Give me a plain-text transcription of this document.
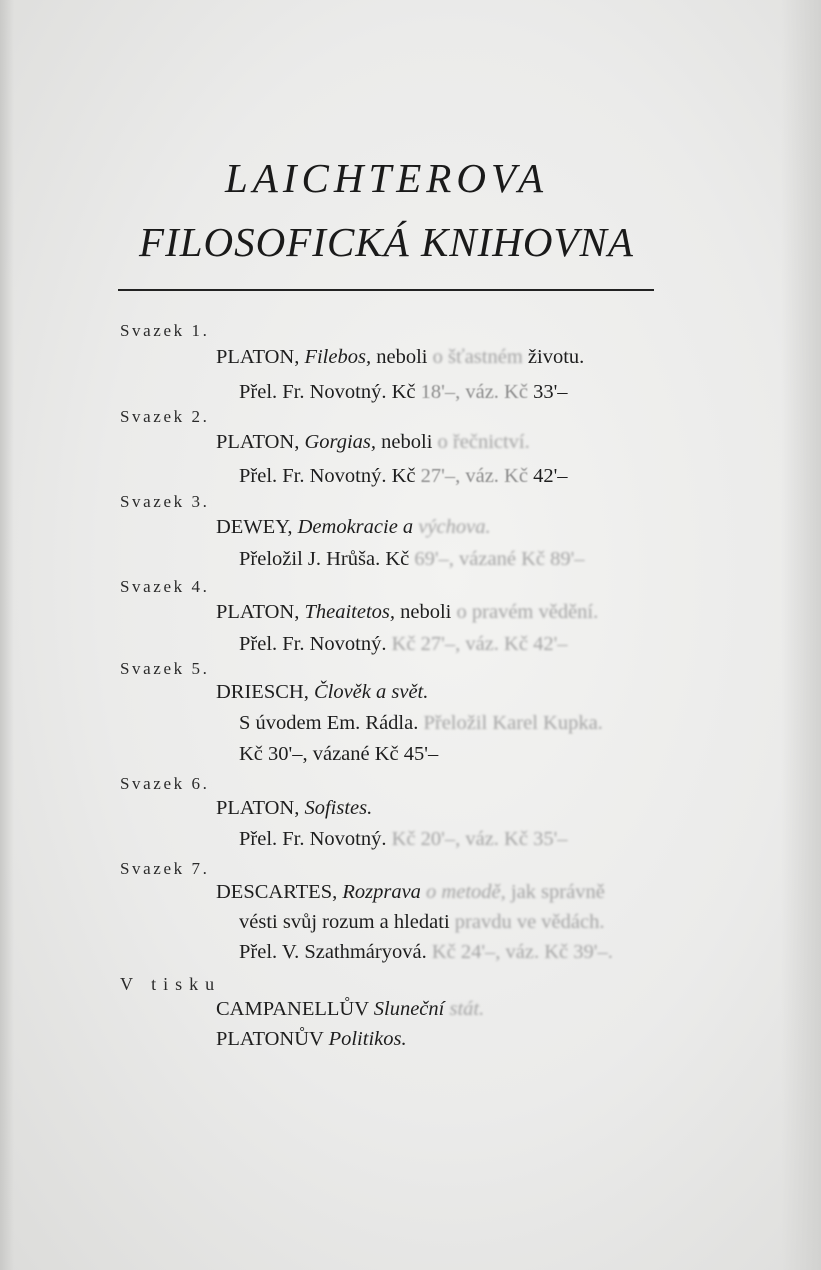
LAICHTEROVA
FILOSOFICKÁ KNIHOVNA
Svazek 1.
PLATON, Filebos, neboli o šťastném životu.
Přel. Fr. Novotný. Kč 18'–, váz. Kč 33'–
Svazek 2.
PLATON, Gorgias, neboli o řečnictví.
Přel. Fr. Novotný. Kč 27'–, váz. Kč 42'–
Svazek 3.
DEWEY, Demokracie a výchova.
Přeložil J. Hrůša. Kč 69'–, vázané Kč 89'–
Svazek 4.
PLATON, Theaitetos, neboli o pravém vědění.
Přel. Fr. Novotný. Kč 27'–, váz. Kč 42'–
Svazek 5.
DRIESCH, Člověk a svět.
S úvodem Em. Rádla. Přeložil Karel Kupka.
Kč 30'–, vázané Kč 45'–
Svazek 6.
PLATON, Sofistes.
Přel. Fr. Novotný. Kč 20'–, váz. Kč 35'–
Svazek 7.
DESCARTES, Rozprava o metodě, jak správně
vésti svůj rozum a hledati pravdu ve vědách.
Přel. V. Szathmáryová. Kč 24'–, váz. Kč 39'–.
V tisku
CAMPANELLŮV Sluneční stát.
PLATONŮV Politikos.
